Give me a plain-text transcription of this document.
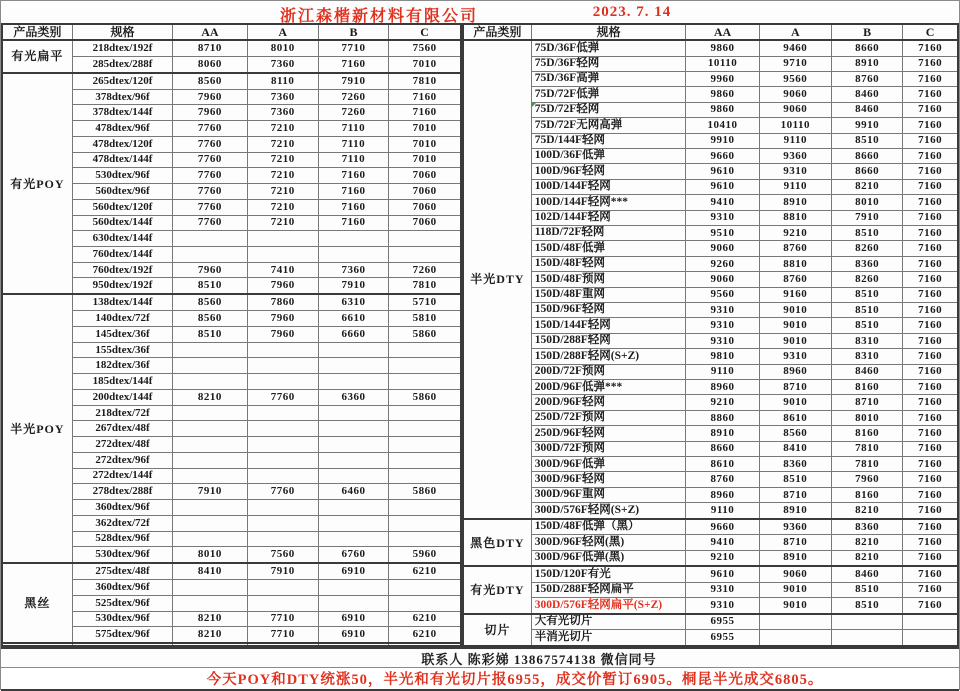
浙江森楷新材料有限公司	2023. 7. 14
产品类别	规格	AA	A	B	C
有光扁平	218dtex/192f	8710	8010	7710	7560
	285dtex/288f	8060	7360	7160	7010
有光POY	265dtex/120f	8560	8110	7910	7810
	378dtex/96f	7960	7360	7260	7160
	378dtex/144f	7960	7360	7260	7160
	478dtex/96f	7760	7210	7110	7010
	478dtex/120f	7760	7210	7110	7010
	478dtex/144f	7760	7210	7110	7010
	530dtex/96f	7760	7210	7160	7060
	560dtex/96f	7760	7210	7160	7060
	560dtex/120f	7760	7210	7160	7060
	560dtex/144f	7760	7210	7160	7060
	630dtex/144f				
	760dtex/144f				
	760dtex/192f	7960	7410	7360	7260
	950dtex/192f	8510	7960	7910	7810
半光POY	138dtex/144f	8560	7860	6310	5710
	140dtex/72f	8560	7960	6610	5810
	145dtex/36f	8510	7960	6660	5860
	155dtex/36f				
	182dtex/36f				
	185dtex/144f				
	200dtex/144f	8210	7760	6360	5860
	218dtex/72f				
	267dtex/48f				
	272dtex/48f				
	272dtex/96f				
	272dtex/144f				
	278dtex/288f	7910	7760	6460	5860
	360dtex/96f				
	362dtex/72f				
	528dtex/96f				
	530dtex/96f	8010	7560	6760	5960
黑丝	275dtex/48f	8410	7910	6910	6210
	360dtex/96f				
	525dtex/96f				
	530dtex/96f	8210	7710	6910	6210
	575dtex/96f	8210	7710	6910	6210

产品类别	规格	AA	A	B	C
半光DTY	75D/36F低弹	9860	9460	8660	7160
	75D/36F轻网	10110	9710	8910	7160
	75D/36F高弹	9960	9560	8760	7160
	75D/72F低弹	9860	9060	8460	7160
	75D/72F轻网	9860	9060	8460	7160
	75D/72F无网高弹	10410	10110	9910	7160
	75D/144F轻网	9910	9110	8510	7160
	100D/36F低弹	9660	9360	8660	7160
	100D/96F轻网	9610	9310	8660	7160
	100D/144F轻网	9610	9110	8210	7160
	100D/144F轻网***	9410	8910	8010	7160
	102D/144F轻网	9310	8810	7910	7160
	118D/72F轻网	9510	9210	8510	7160
	150D/48F低弹	9060	8760	8260	7160
	150D/48F轻网	9260	8810	8360	7160
	150D/48F预网	9060	8760	8260	7160
	150D/48F重网	9560	9160	8510	7160
	150D/96F轻网	9310	9010	8510	7160
	150D/144F轻网	9310	9010	8510	7160
	150D/288F轻网	9310	9010	8310	7160
	150D/288F轻网(S+Z)	9810	9310	8310	7160
	200D/72F预网	9110	8960	8460	7160
	200D/96F低弹***	8960	8710	8160	7160
	200D/96F轻网	9210	9010	8710	7160
	250D/72F预网	8860	8610	8010	7160
	250D/96F轻网	8910	8560	8160	7160
	300D/72F预网	8660	8410	7810	7160
	300D/96F低弹	8610	8360	7810	7160
	300D/96F轻网	8760	8510	7960	7160
	300D/96F重网	8960	8710	8160	7160
	300D/576F轻网(S+Z)	9110	8910	8210	7160
黑色DTY	150D/48F低弹（黑）	9660	9360	8360	7160
	300D/96F轻网(黑)	9410	8710	8210	7160
	300D/96F低弹(黑)	9210	8910	8210	7160
有光DTY	150D/120F有光	9610	9060	8460	7160
	150D/288F轻网扁平	9310	9010	8510	7160
	300D/576F轻网扁平(S+Z)	9310	9010	8510	7160
切片	大有光切片	6955			
	半消光切片	6955			
联系人 陈彩娣 13867574138 微信同号
今天POY和DTY统涨50，半光和有光切片报6955，成交价暂订6905。桐昆半光成交6805。
